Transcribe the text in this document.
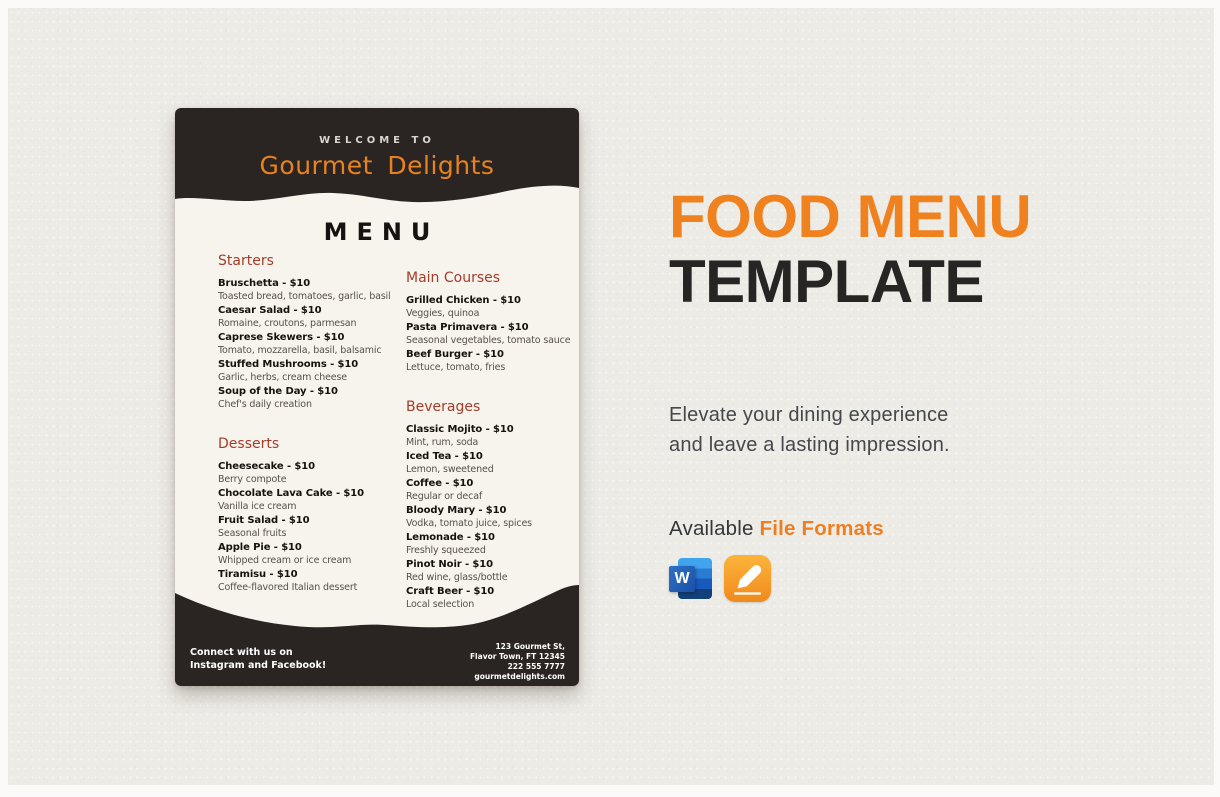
WELCOME TO
Gourmet Delights
MENU
Starters
Bruschetta - $10
Toasted bread, tomatoes, garlic, basil
Caesar Salad - $10
Romaine, croutons, parmesan
Caprese Skewers - $10
Tomato, mozzarella, basil, balsamic
Stuffed Mushrooms - $10
Garlic, herbs, cream cheese
Soup of the Day - $10
Chef's daily creation
Desserts
Cheesecake - $10
Berry compote
Chocolate Lava Cake - $10
Vanilla ice cream
Fruit Salad - $10
Seasonal fruits
Apple Pie - $10
Whipped cream or ice cream
Tiramisu - $10
Coffee-flavored Italian dessert
Main Courses
Grilled Chicken - $10
Veggies, quinoa
Pasta Primavera - $10
Seasonal vegetables, tomato sauce
Beef Burger - $10
Lettuce, tomato, fries
Beverages
Classic Mojito - $10
Mint, rum, soda
Iced Tea - $10
Lemon, sweetened
Coffee - $10
Regular or decaf
Bloody Mary - $10
Vodka, tomato juice, spices
Lemonade - $10
Freshly squeezed
Pinot Noir - $10
Red wine, glass/bottle
Craft Beer - $10
Local selection
Connect with us on
Instagram and Facebook!
123 Gourmet St,
Flavor Town, FT 12345
222 555 7777
gourmetdelights.com
FOOD MENU
TEMPLATE
Elevate your dining experience
and leave a lasting impression.
Available File Formats
W
